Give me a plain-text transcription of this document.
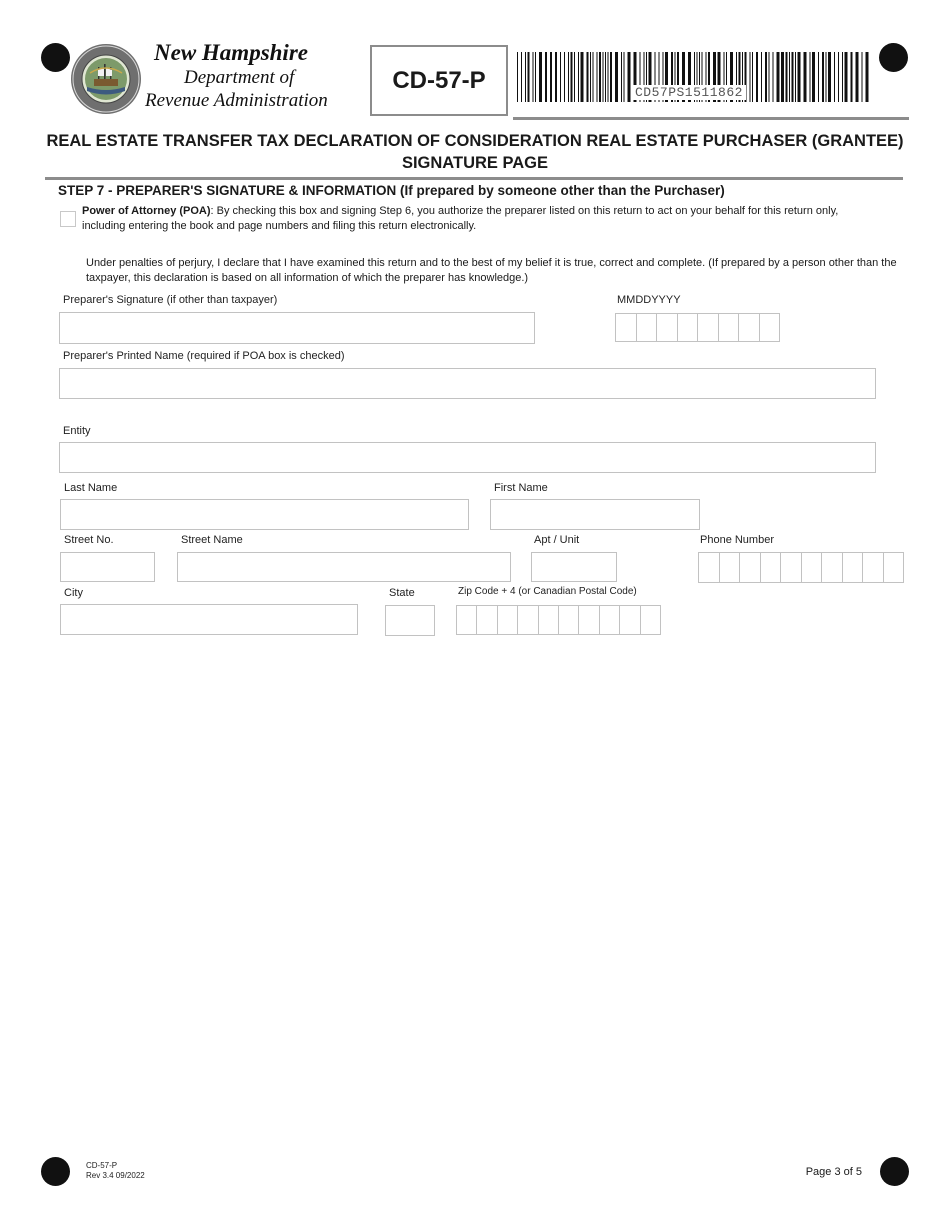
New Hampshire
Department of
Revenue Administration
CD-57-P	CD57PS1511862
REAL ESTATE TRANSFER TAX DECLARATION OF CONSIDERATION REAL ESTATE PURCHASER (GRANTEE)
SIGNATURE PAGE
STEP 7 - PREPARER'S SIGNATURE & INFORMATION (If prepared by someone other than the Purchaser)
Power of Attorney (POA): By checking this box and signing Step 6, you authorize the preparer listed on this return to act on your behalf for this return only, including entering the book and page numbers and filing this return electronically.
Under penalties of perjury, I declare that I have examined this return and to the best of my belief it is true, correct and complete. (If prepared by a person other than the taxpayer, this declaration is based on all information of which the preparer has knowledge.)
Preparer's Signature (if other than taxpayer)	MMDDYYYY
Preparer's Printed Name (required if POA box is checked)
Entity
Last Name	First Name
Street No.	Street Name	Apt / Unit	Phone Number
City	State	Zip Code + 4 (or Canadian Postal Code)
CD-57-P
Rev 3.4 09/2022	Page 3 of 5
